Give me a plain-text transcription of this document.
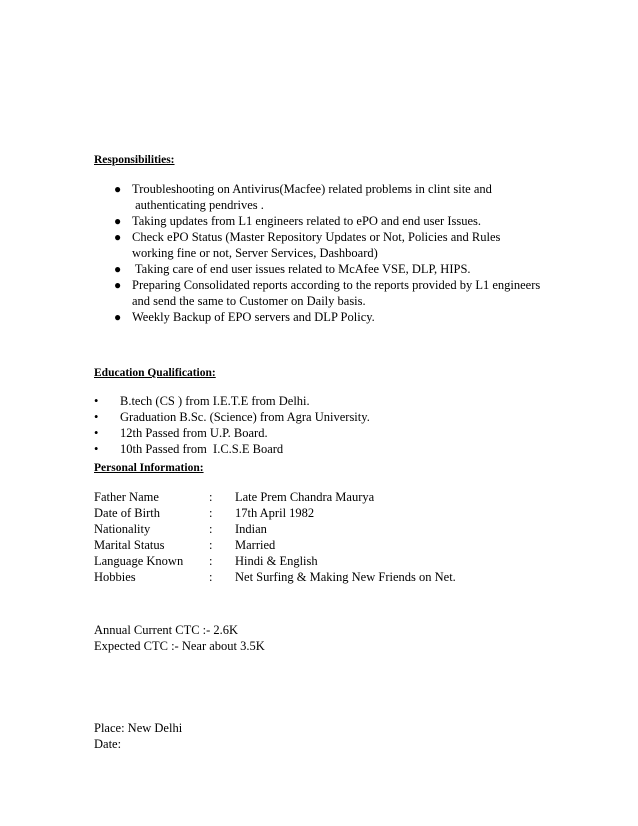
Responsibilities:
● Troubleshooting on Antivirus(Macfee) related problems in clint site and
authenticating pendrives .
● Taking updates from L1 engineers related to ePO and end user Issues.
● Check ePO Status (Master Repository Updates or Not, Policies and Rules
working fine or not, Server Services, Dashboard)
● Taking care of end user issues related to McAfee VSE, DLP, HIPS.
● Preparing Consolidated reports according to the reports provided by L1 engineers
and send the same to Customer on Daily basis.
● Weekly Backup of EPO servers and DLP Policy.
Education Qualification:
• B.tech (CS ) from I.E.T.E from Delhi.
• Graduation B.Sc. (Science) from Agra University.
• 12th Passed from U.P. Board.
• 10th Passed from  I.C.S.E Board
Personal Information:
Father Name	:	Late Prem Chandra Maurya
Date of Birth	:	17th April 1982
Nationality	:	Indian
Marital Status	:	Married
Language Known	:	Hindi & English
Hobbies	:	Net Surfing & Making New Friends on Net.
Annual Current CTC :- 2.6K
Expected CTC :- Near about 3.5K
Place: New Delhi
Date:
